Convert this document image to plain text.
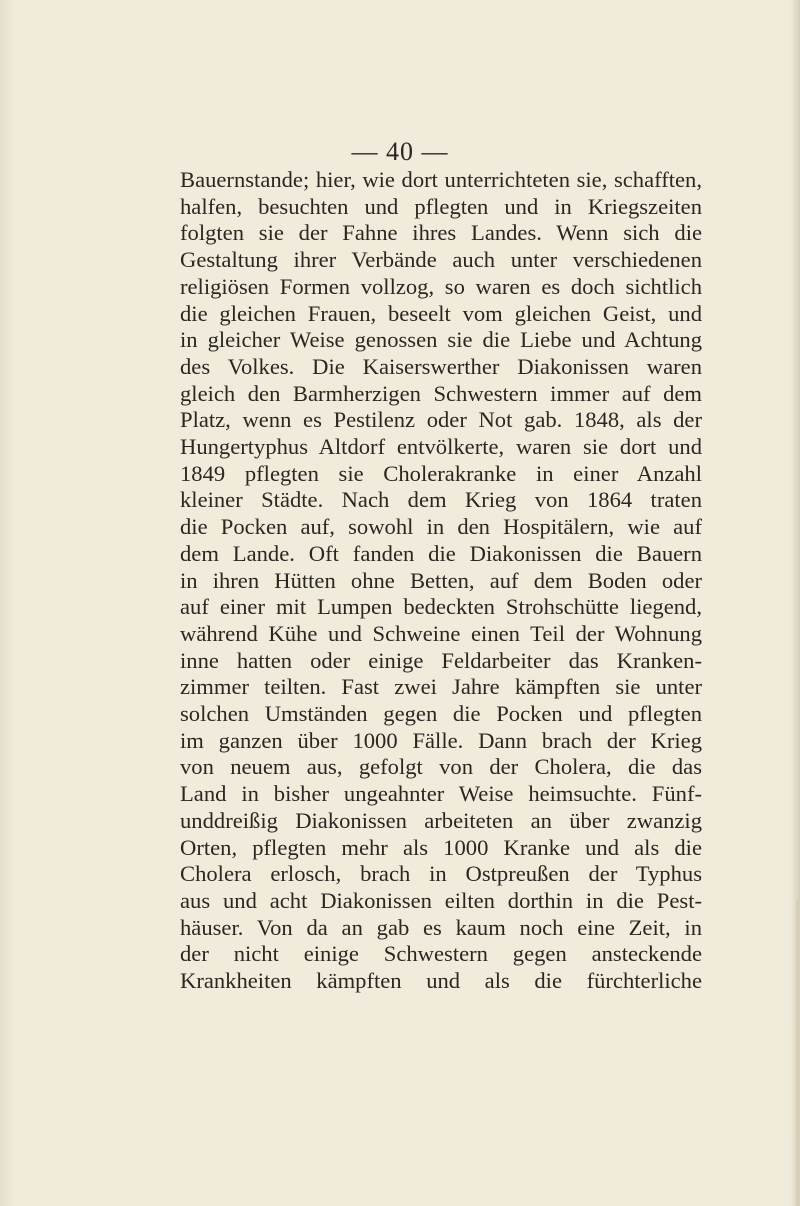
— 40 —
Bauernstande; hier, wie dort unterrichteten sie, schafften,
halfen, besuchten und pflegten und in Kriegszeiten
folgten sie der Fahne ihres Landes. Wenn sich die
Gestaltung ihrer Verbände auch unter verschiedenen
religiösen Formen vollzog, so waren es doch sichtlich
die gleichen Frauen, beseelt vom gleichen Geist, und
in gleicher Weise genossen sie die Liebe und Achtung
des Volkes. Die Kaiserswerther Diakonissen waren
gleich den Barmherzigen Schwestern immer auf dem
Platz, wenn es Pestilenz oder Not gab. 1848, als der
Hungertyphus Altdorf entvölkerte, waren sie dort und
1849 pflegten sie Cholerakranke in einer Anzahl
kleiner Städte. Nach dem Krieg von 1864 traten
die Pocken auf, sowohl in den Hospitälern, wie auf
dem Lande. Oft fanden die Diakonissen die Bauern
in ihren Hütten ohne Betten, auf dem Boden oder
auf einer mit Lumpen bedeckten Strohschütte liegend,
während Kühe und Schweine einen Teil der Wohnung
inne hatten oder einige Feldarbeiter das Kranken-
zimmer teilten. Fast zwei Jahre kämpften sie unter
solchen Umständen gegen die Pocken und pflegten
im ganzen über 1000 Fälle. Dann brach der Krieg
von neuem aus, gefolgt von der Cholera, die das
Land in bisher ungeahnter Weise heimsuchte. Fünf-
unddreißig Diakonissen arbeiteten an über zwanzig
Orten, pflegten mehr als 1000 Kranke und als die
Cholera erlosch, brach in Ostpreußen der Typhus
aus und acht Diakonissen eilten dorthin in die Pest-
häuser. Von da an gab es kaum noch eine Zeit, in
der nicht einige Schwestern gegen ansteckende
Krankheiten kämpften und als die fürchterliche
